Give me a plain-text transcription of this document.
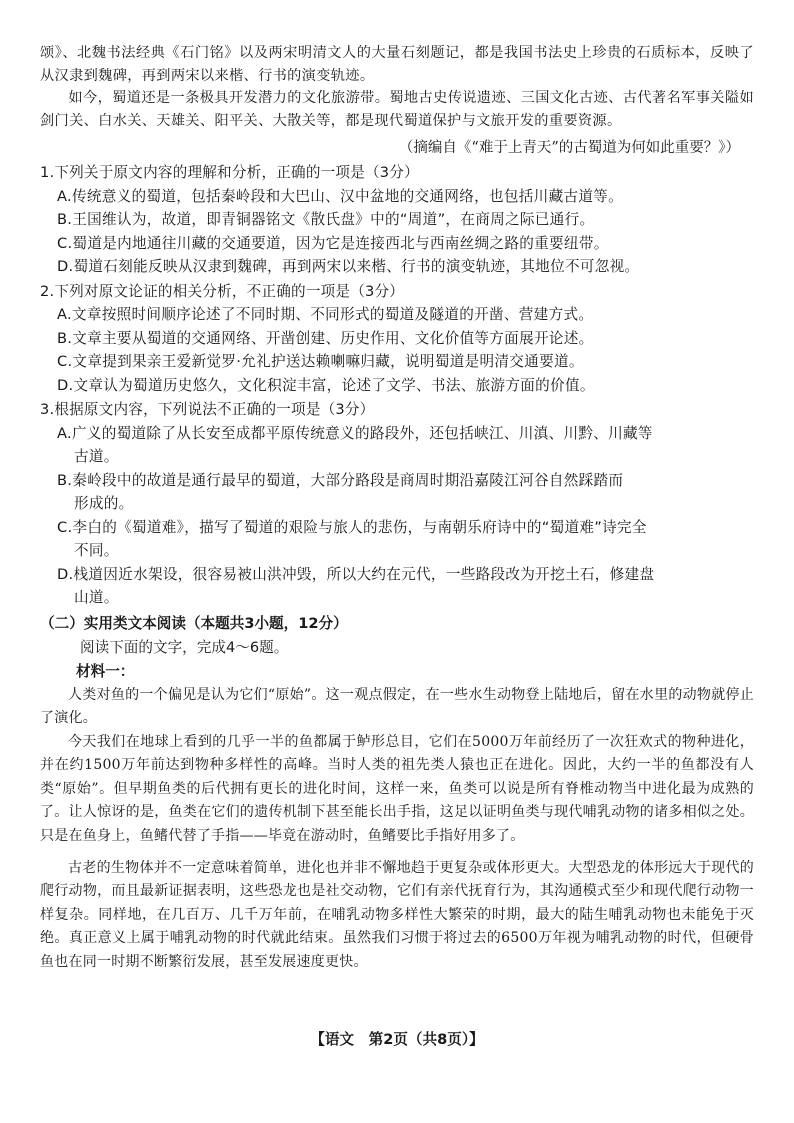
颂》、北魏书法经典《石门铭》以及两宋明清文人的大量石刻题记，都是我国书法史上珍贵的石质标本，反映了从汉隶到魏碑，再到两宋以来楷、行书的演变轨迹。

如今，蜀道还是一条极具开发潜力的文化旅游带。蜀地古史传说遗迹、三国文化古迹、古代著名军事关隘如剑门关、白水关、天雄关、阳平关、大散关等，都是现代蜀道保护与文旅开发的重要资源。

（摘编自《“难于上青天”的古蜀道为何如此重要？》）

1.下列关于原文内容的理解和分析，正确的一项是（3分）

A.传统意义的蜀道，包括秦岭段和大巴山、汉中盆地的交通网络，也包括川藏古道等。

B.王国维认为，故道，即青铜器铭文《散氏盘》中的“周道”，在商周之际已通行。

C.蜀道是内地通往川藏的交通要道，因为它是连接西北与西南丝绸之路的重要纽带。

D.蜀道石刻能反映从汉隶到魏碑，再到两宋以来楷、行书的演变轨迹，其地位不可忽视。

2.下列对原文论证的相关分析，不正确的一项是（3分）

A.文章按照时间顺序论述了不同时期、不同形式的蜀道及隧道的开凿、营建方式。

B.文章主要从蜀道的交通网络、开凿创建、历史作用、文化价值等方面展开论述。

C.文章提到果亲王爱新觉罗·允礼护送达赖喇嘛归藏，说明蜀道是明清交通要道。

D.文章认为蜀道历史悠久，文化积淀丰富，论述了文学、书法、旅游方面的价值。

3.根据原文内容，下列说法不正确的一项是（3分）

A.广义的蜀道除了从长安至成都平原传统意义的路段外，还包括峡江、川滇、川黔、川藏等
古道。

B.秦岭段中的故道是通行最早的蜀道，大部分路段是商周时期沿嘉陵江河谷自然踩踏而
形成的。

C.李白的《蜀道难》，描写了蜀道的艰险与旅人的悲伤，与南朝乐府诗中的“蜀道难”诗完全
不同。

D.栈道因近水架设，很容易被山洪冲毁，所以大约在元代，一些路段改为开挖土石，修建盘
山道。

（二）实用类文本阅读（本题共3小题，12分）

阅读下面的文字，完成4～6题。

材料一：

人类对鱼的一个偏见是认为它们“原始”。这一观点假定，在一些水生动物登上陆地后，留在水里的动物就停止了演化。

今天我们在地球上看到的几乎一半的鱼都属于鲈形总目，它们在5000万年前经历了一次狂欢式的物种进化，并在约1500万年前达到物种多样性的高峰。当时人类的祖先类人猿也正在进化。因此，大约一半的鱼都没有人类“原始”。但早期鱼类的后代拥有更长的进化时间，这样一来，鱼类可以说是所有脊椎动物当中进化最为成熟的了。让人惊讶的是，鱼类在它们的遗传机制下甚至能长出手指，这足以证明鱼类与现代哺乳动物的诸多相似之处。只是在鱼身上，鱼鳍代替了手指——毕竟在游动时，鱼鳍要比手指好用多了。

古老的生物体并不一定意味着简单，进化也并非不懈地趋于更复杂或体形更大。大型恐龙的体形远大于现代的爬行动物，而且最新证据表明，这些恐龙也是社交动物，它们有亲代抚育行为，其沟通模式至少和现代爬行动物一样复杂。同样地，在几百万、几千万年前，在哺乳动物多样性大繁荣的时期，最大的陆生哺乳动物也未能免于灭绝。真正意义上属于哺乳动物的时代就此结束。虽然我们习惯于将过去的6500万年视为哺乳动物的时代，但硬骨鱼也在同一时期不断繁衍发展，甚至发展速度更快。

【语文　第2页（共8页）】
